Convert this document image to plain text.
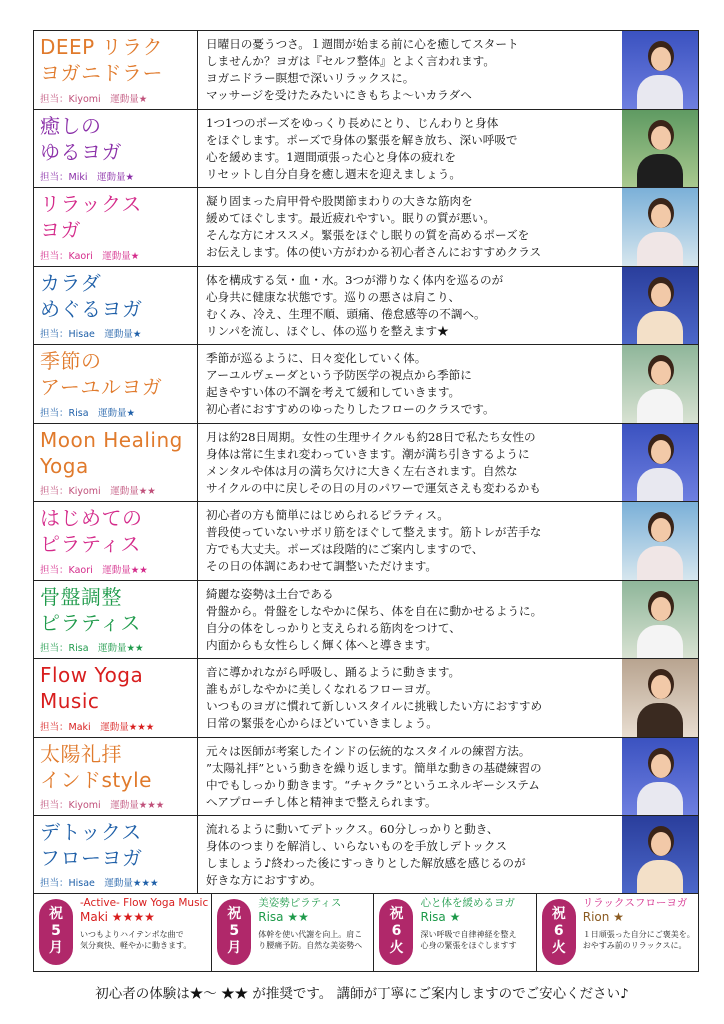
DEEP リラク
ヨガニドラー
担当：Kiyomi　 運動量★
日曜日の憂うつさ。１週間が始まる前に心を癒してスタート
しませんか？ヨガは『セルフ整体』とよく言われます。
ヨガニドラー瞑想で深いリラックスに。
マッサージを受けたみたいにきもちよ〜いカラダへ
癒しの
ゆるヨガ
担当：Miki　 運動量★
1つ1つのポーズをゆっくり長めにとり、じんわりと身体
をほぐします。ポーズで身体の緊張を解き放ち、深い呼吸で
心を緩めます。1週間頑張った心と身体の疲れを
リセットし自分自身を癒し週末を迎えましょう。
リラックス
ヨガ
担当：Kaori　 運動量★
凝り固まった肩甲骨や股関節まわりの大きな筋肉を
緩めてほぐします。最近疲れやすい。眠りの質が悪い。
そんな方にオススメ。緊張をほぐし眠りの質を高めるポーズを
お伝えします。体の使い方がわかる初心者さんにおすすめクラス
カラダ
めぐるヨガ
担当：Hisae　 運動量★
体を構成する気・血・水。3つが滞りなく体内を巡るのが
心身共に健康な状態です。巡りの悪さは肩こり、
むくみ、冷え、生理不順、頭痛、倦怠感等の不調へ。
リンパを流し、ほぐし、体の巡りを整えます★
季節の
アーユルヨガ
担当：Risa　 運動量★
季節が巡るように、日々変化していく体。
アーユルヴェーダという予防医学の視点から季節に
起きやすい体の不調を考えて緩和していきます。
初心者におすすめのゆったりしたフローのクラスです。
Moon Healing
Yoga
担当：Kiyomi　 運動量★★
月は約28日周期。女性の生理サイクルも約28日で私たち女性の
身体は常に生まれ変わっていきます。潮が満ち引きするように
メンタルや体は月の満ち欠けに大きく左右されます。自然な
サイクルの中に戻しその日の月のパワーで運気さえも変わるかも
はじめての
ピラティス
担当：Kaori　 運動量★★
初心者の方も簡単にはじめられるピラティス。
普段使っていないサボリ筋をほぐして整えます。筋トレが苦手な
方でも大丈夫。ポーズは段階的にご案内しますので、
その日の体調にあわせて調整いただけます。
骨盤調整
ピラティス
担当：Risa　 運動量★★
綺麗な姿勢は土台である
骨盤から。骨盤をしなやかに保ち、体を自在に動かせるように。
自分の体をしっかりと支えられる筋肉をつけて、
内面からも女性らしく輝く体へと導きます。
Flow Yoga
Music
担当：Maki　 運動量★★★
音に導かれながら呼吸し、踊るように動きます。
誰もがしなやかに美しくなれるフローヨガ。
いつものヨガに慣れて新しいスタイルに挑戦したい方におすすめ
日常の緊張を心からほどいていきましょう。
太陽礼拝
インドstyle
担当：Kiyomi　 運動量★★★
元々は医師が考案したインドの伝統的なスタイルの練習方法。
”太陽礼拝”という動きを繰り返します。簡単な動きの基礎練習の
中でもしっかり動きます。“チャクラ”というエネルギーシステム
へアプローチし体と精神まで整えられます。
デトックス
フローヨガ
担当：Hisae　 運動量★★★
流れるように動いてデトックス。60分しっかりと動き、
身体のつまりを解消し、いらないものを手放しデトックス
しましょう♪終わった後にすっきりとした解放感を感じるのが
好きな方におすすめ。
祝
5
月
-Active- Flow Yoga Music
Maki ★★★★
いつもよりハイテンポな曲で
気分爽快、軽やかに動きます。
祝
5
月
美姿勢ピラティス
Risa ★★
体幹を使い代謝を向上。肩こ
り腰痛予防。自然な美姿勢へ
祝
6
火
心と体を緩めるヨガ
Risa ★
深い呼吸で自律神経を整え
心身の緊張をほぐしますす
祝
6
火
リラックスフローヨガ
Rion ★
１日頑張った自分にご褒美を。
おやすみ前のリラックスに。
初心者の体験は★〜 ★★ が推奨です。 講師が丁寧にご案内しますのでご安心ください♪
